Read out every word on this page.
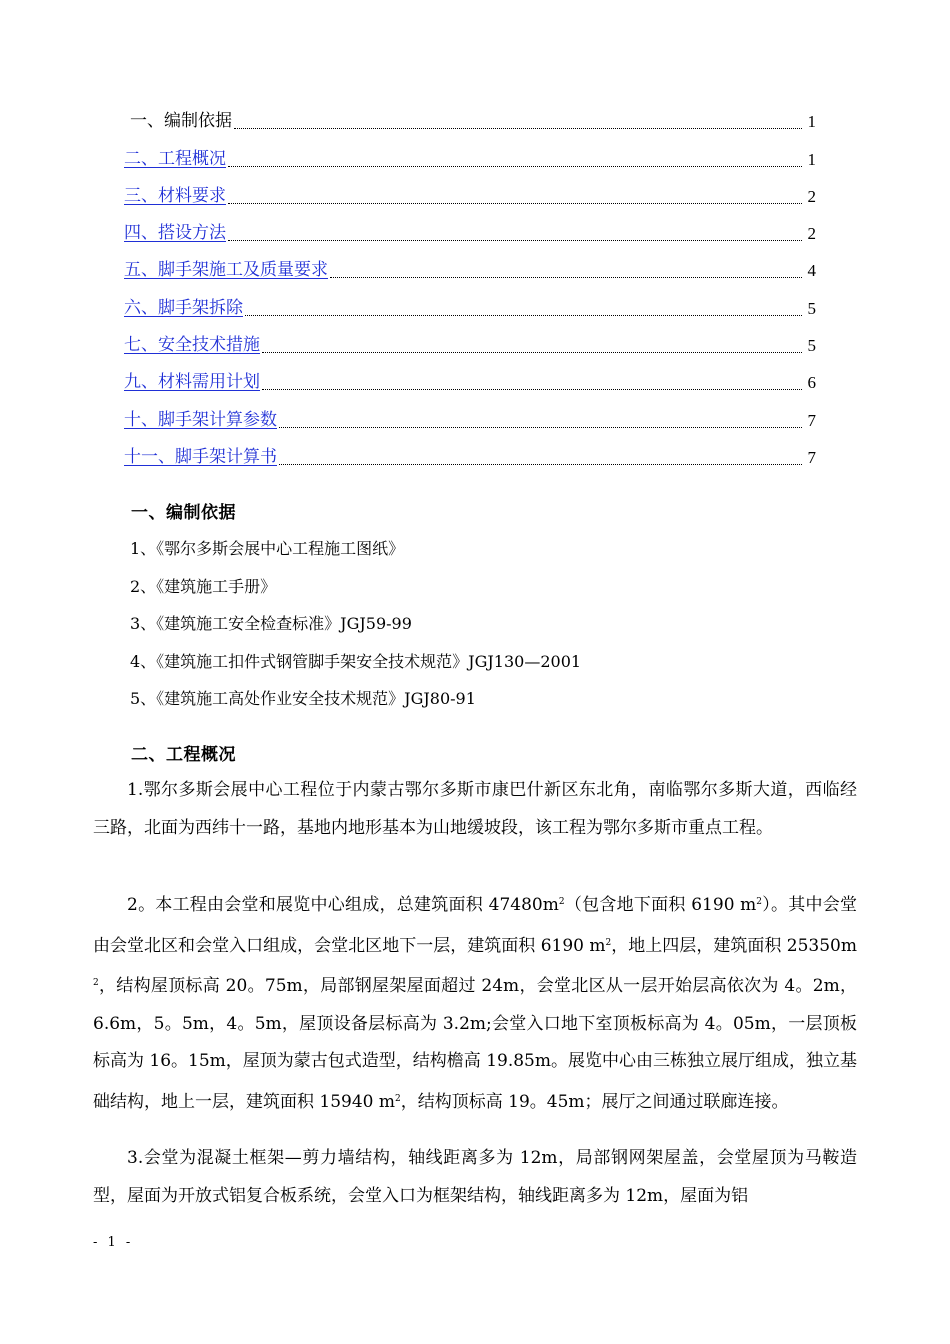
一、编制依据	1
二、工程概况	1
三、材料要求	2
四、搭设方法	2
五、脚手架施工及质量要求	4
六、脚手架拆除	5
七、安全技术措施	5
九、材料需用计划	6
十、脚手架计算参数	7
十一、脚手架计算书	7
一、编制依据
1、《鄂尔多斯会展中心工程施工图纸》
2、《建筑施工手册》
3、《建筑施工安全检查标准》JGJ59-99
4、《建筑施工扣件式钢管脚手架安全技术规范》JGJ130—2001
5、《建筑施工高处作业安全技术规范》JGJ80-91
二、工程概况
1.鄂尔多斯会展中心工程位于内蒙古鄂尔多斯市康巴什新区东北角，南临鄂尔多斯大道，西临经三路，北面为西纬十一路，基地内地形基本为山地缓坡段，该工程为鄂尔多斯市重点工程。
2。本工程由会堂和展览中心组成，总建筑面积 $47480m^2$（包含地下面积 6190 $m^2$）。其中会堂由会堂北区和会堂入口组成，会堂北区地下一层，建筑面积 6190 $m^2$，地上四层，建筑面积 $25350m^2$，结构屋顶标高 20。75m，局部钢屋架屋面超过 24m，会堂北区从一层开始层高依次为 4。2m，6.6m，5。5m，4。5m，屋顶设备层标高为 3.2m;会堂入口地下室顶板标高为 4。05m，一层顶板标高为 16。15m，屋顶为蒙古包式造型，结构檐高 19.85m。展览中心由三栋独立展厅组成，独立基础结构，地上一层，建筑面积 15940 $m^2$，结构顶标高 19。45m；展厅之间通过联廊连接。
3.会堂为混凝土框架—剪力墙结构，轴线距离多为 12m，局部钢网架屋盖，会堂屋顶为马鞍造型，屋面为开放式铝复合板系统，会堂入口为框架结构，轴线距离多为 12m，屋面为铝
- 1 -
